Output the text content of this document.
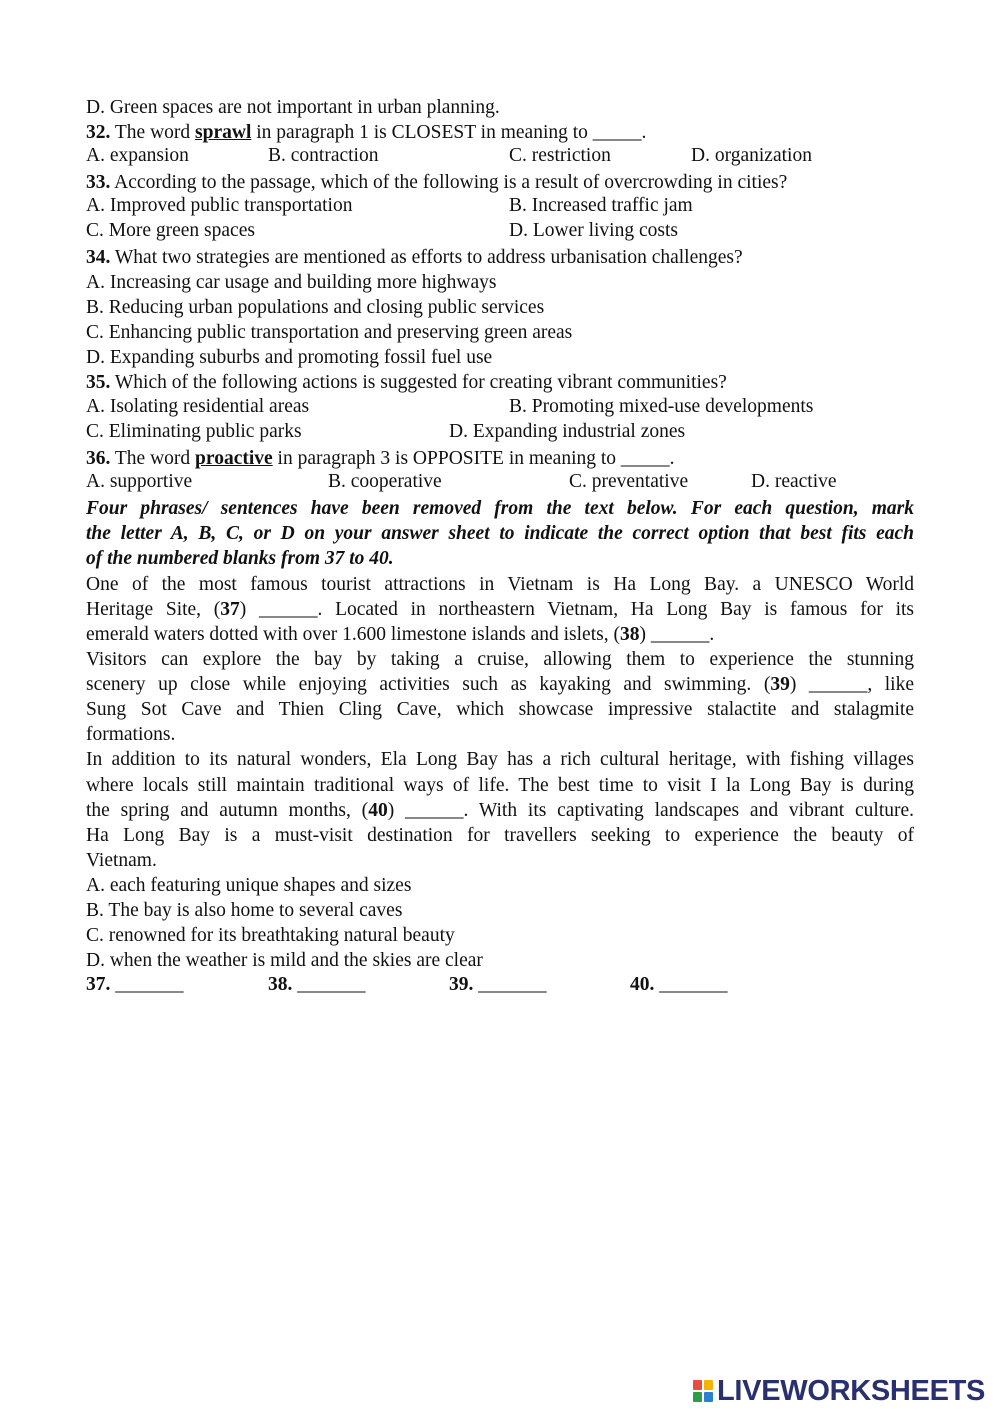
D. Green spaces are not important in urban planning.
32. The word sprawl in paragraph 1 is CLOSEST in meaning to _____.
A. expansion	B. contraction	C. restriction	D. organization
33. According to the passage, which of the following is a result of overcrowding in cities?
A. Improved public transportation	B. Increased traffic jam
C. More green spaces	D. Lower living costs
34. What two strategies are mentioned as efforts to address urbanisation challenges?
A. Increasing car usage and building more highways
B. Reducing urban populations and closing public services
C. Enhancing public transportation and preserving green areas
D. Expanding suburbs and promoting fossil fuel use
35. Which of the following actions is suggested for creating vibrant communities?
A. Isolating residential areas	B. Promoting mixed-use developments
C. Eliminating public parks	D. Expanding industrial zones
36. The word proactive in paragraph 3 is OPPOSITE in meaning to _____.
A. supportive	B. cooperative	C. preventative	D. reactive
Four phrases/ sentences have been removed from the text below. For each question, mark
the letter A, B, C, or D on your answer sheet to indicate the correct option that best fits each
of the numbered blanks from 37 to 40.
One of the most famous tourist attractions in Vietnam is Ha Long Bay. a UNESCO World
Heritage Site, (37) ______. Located in northeastern Vietnam, Ha Long Bay is famous for its
emerald waters dotted with over 1.600 limestone islands and islets, (38) ______.
Visitors can explore the bay by taking a cruise, allowing them to experience the stunning
scenery up close while enjoying activities such as kayaking and swimming. (39) ______, like
Sung Sot Cave and Thien Cling Cave, which showcase impressive stalactite and stalagmite
formations.
In addition to its natural wonders, Ela Long Bay has a rich cultural heritage, with fishing villages
where locals still maintain traditional ways of life. The best time to visit I la Long Bay is during
the spring and autumn months, (40) ______. With its captivating landscapes and vibrant culture.
Ha Long Bay is a must-visit destination for travellers seeking to experience the beauty of
Vietnam.
A. each featuring unique shapes and sizes
B. The bay is also home to several caves
C. renowned for its breathtaking natural beauty
D. when the weather is mild and the skies are clear
37. _______	38. _______	39. _______	40. _______
LIVEWORKSHEETS
